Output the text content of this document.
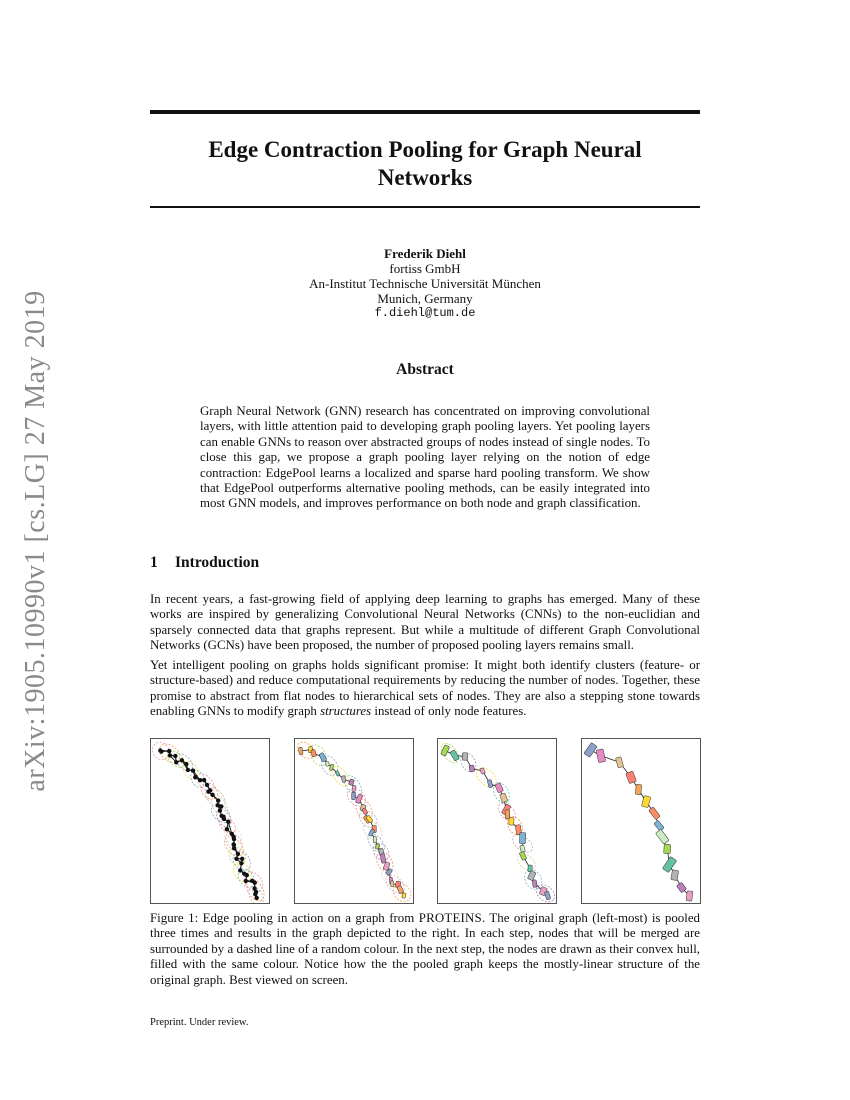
arXiv:1905.10990v1 [cs.LG] 27 May 2019
Edge Contraction Pooling for Graph Neural
Networks
Frederik Diehl
fortiss GmbH
An-Institut Technische Universität München
Munich, Germany
f.diehl@tum.de
Abstract
Graph Neural Network (GNN) research has concentrated on improving convolutional layers, with little attention paid to developing graph pooling layers. Yet pooling layers can enable GNNs to reason over abstracted groups of nodes instead of single nodes. To close this gap, we propose a graph pooling layer relying on the notion of edge contraction: EdgePool learns a localized and sparse hard pooling transform. We show that EdgePool outperforms alternative pooling methods, can be easily integrated into most GNN models, and improves performance on both node and graph classification.
1 Introduction

In recent years, a fast-growing field of applying deep learning to graphs has emerged. Many of these works are inspired by generalizing Convolutional Neural Networks (CNNs) to the non-euclidian and sparsely connected data that graphs represent. But while a multitude of different Graph Convolutional Networks (GCNs) have been proposed, the number of proposed pooling layers remains small.

Yet intelligent pooling on graphs holds significant promise: It might both identify clusters (feature- or structure-based) and reduce computational requirements by reducing the number of nodes. Together, these promise to abstract from flat nodes to hierarchical sets of nodes. They are also a stepping stone towards enabling GNNs to modify graph structures instead of only node features.

Figure 1: Edge pooling in action on a graph from PROTEINS. The original graph (left-most) is pooled three times and results in the graph depicted to the right. In each step, nodes that will be merged are surrounded by a dashed line of a random colour. In the next step, the nodes are drawn as their convex hull, filled with the same colour. Notice how the the pooled graph keeps the mostly-linear structure of the original graph. Best viewed on screen.

Preprint. Under review.
